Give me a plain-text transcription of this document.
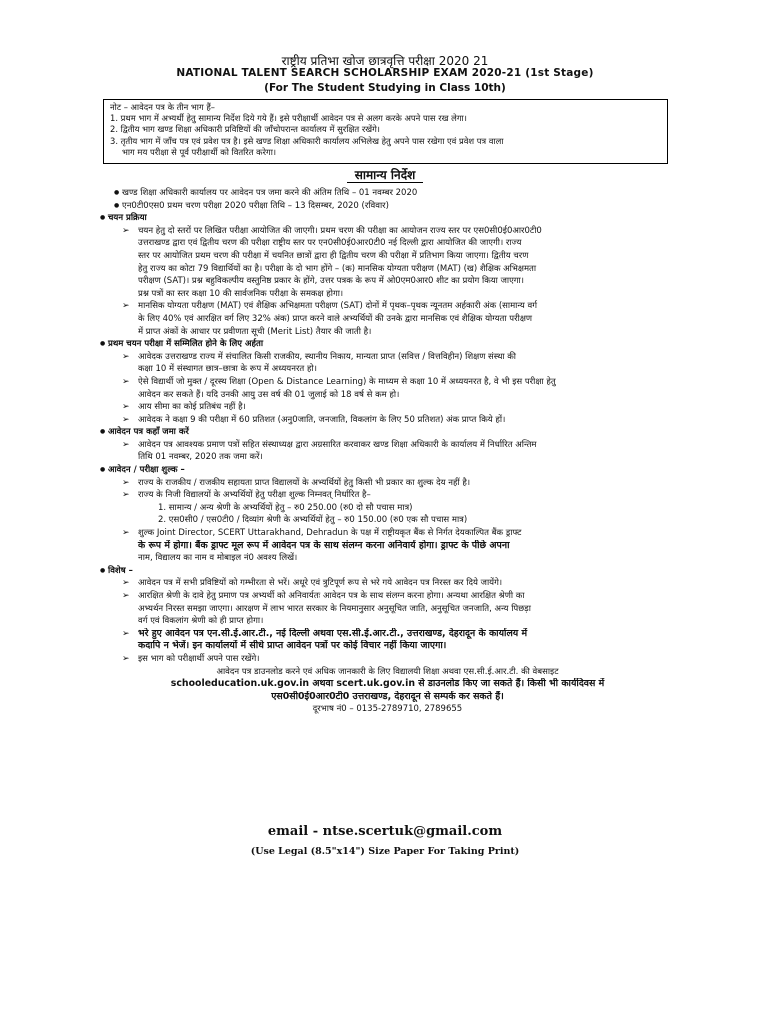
राष्ट्रीय प्रतिभा खोज छात्रवृत्ति परीक्षा 2020 21
NATIONAL TALENT SEARCH SCHOLARSHIP EXAM 2020-21 (1st Stage)
(For The Student Studying in Class 10th)
नोट – आवेदन पत्र के तीन भाग हैं–
1. प्रथम भाग में अभ्यर्थी हेतु सामान्य निर्देश दिये गये हैं। इसे परीक्षार्थी आवेदन पत्र से अलग करके अपने पास रख लेगा।
2. द्वितीय भाग खण्ड शिक्षा अधिकारी प्रविष्टियों की जाँचोपरान्त कार्यालय में सुरक्षित रखेंगे।
3. तृतीय भाग में जाँच पत्र एवं प्रवेश पत्र है। इसे खण्ड शिक्षा अधिकारी कार्यालय अभिलेख हेतु अपने पास रखेगा एवं प्रवेश पत्र वाला
भाग मय परीक्षा से पूर्व परीक्षार्थी को वितरित करेगा।
सामान्य निर्देश
● खण्ड शिक्षा अधिकारी कार्यालय पर आवेदन पत्र जमा करने की अंतिम तिथि – 01 नवम्बर 2020
● एन0टी0एस0 प्रथम चरण परीक्षा 2020 परीक्षा तिथि – 13 दिसम्बर, 2020 (रविवार)
● चयन प्रक्रिया
➢ चयन हेतु दो स्तरों पर लिखित परीक्षा आयोजित की जाएगी। प्रथम चरण की परीक्षा का आयोजन राज्य स्तर पर एस0सी0ई0आर0टी0
उत्तराखण्ड द्वारा एवं द्वितीय चरण की परीक्षा राष्ट्रीय स्तर पर एन0सी0ई0आर0टी0 नई दिल्ली द्वारा आयोजित की जाएगी। राज्य
स्तर पर आयोजित प्रथम चरण की परीक्षा में चयनित छात्रों द्वारा ही द्वितीय चरण की परीक्षा में प्रतिभाग किया जाएगा। द्वितीय चरण
हेतु राज्य का कोटा 79 विद्यार्थियों का है। परीक्षा के दो भाग होंगे – (क) मानसिक योग्यता परीक्षण (MAT) (ख) शैक्षिक अभिक्षमता
परीक्षण (SAT)। प्रश्न बहुविकल्पीय वस्तुनिष्ठ प्रकार के होंगे, उत्तर पत्रक के रूप में ओ0एम0आर0 शीट का प्रयोग किया जाएगा।
प्रश्न पत्रों का स्तर कक्षा 10 की सार्वजनिक परीक्षा के समकक्ष होगा।
➢ मानसिक योग्यता परीक्षण (MAT) एवं शैक्षिक अभिक्षमता परीक्षण (SAT) दोनों में पृथक–पृथक न्यूनतम अर्हकारी अंक (सामान्य वर्ग
के लिए 40% एवं आरक्षित वर्ग लिए 32% अंक) प्राप्त करने वाले अभ्यर्थियों की उनके द्वारा मानसिक एवं शैक्षिक योग्यता परीक्षण
में प्राप्त अंकों के आधार पर प्रवीणता सूची (Merit List) तैयार की जाती है।
● प्रथम चयन परीक्षा में सम्मिलित होने के लिए अर्हता
➢ आवेदक उत्तराखण्ड राज्य में संचालित किसी राजकीय, स्थानीय निकाय, मान्यता प्राप्त (सवित्त / वित्तविहीन) शिक्षण संस्था की
कक्षा 10 में संस्थागत छात्र–छात्रा के रूप में अध्ययनरत हो।
➢ ऐसे विद्यार्थी जो मुक्त / दूरस्थ शिक्षा (Open & Distance Learning) के माध्यम से कक्षा 10 में अध्ययनरत है, वे भी इस परीक्षा हेतु
आवेदन कर सकते हैं। यदि उनकी आयु उस वर्ष की 01 जुलाई को 18 वर्ष से कम हो।
➢ आय सीमा का कोई प्रतिबंध नहीं है।
➢ आवेदक ने कक्षा 9 की परीक्षा में 60 प्रतिशत (अनु0जाति, जनजाति, विकलांग के लिए 50 प्रतिशत) अंक प्राप्त किये हों।
● आवेदन पत्र कहाँ जमा करें
➢ आवेदन पत्र आवश्यक प्रमाण पत्रों सहित संस्थाध्यक्ष द्वारा अग्रसारित करवाकर खण्ड शिक्षा अधिकारी के कार्यालय में निर्धारित अन्तिम
तिथि 01 नवम्बर, 2020 तक जमा करें।
● आवेदन / परीक्षा शुल्क –
➢ राज्य के राजकीय / राजकीय सहायता प्राप्त विद्यालयों के अभ्यर्थियों हेतु किसी भी प्रकार का शुल्क देय नहीं है।
➢ राज्य के निजी विद्यालयों के अभ्यर्थियों हेतु परीक्षा शुल्क निम्नवत् निर्धारित है–
1. सामान्य / अन्य श्रेणी के अभ्यर्थियों हेतु – रु0 250.00 (रु0 दो सौ पचास मात्र)
2. एस0सी0 / एस0टी0 / दिव्यांग श्रेणी के अभ्यर्थियों हेतु – रु0 150.00 (रु0 एक सौ पचास मात्र)
➢ शुल्क Joint Director, SCERT Uttarakhand, Dehradun के पक्ष में राष्ट्रीयकृत बैंक से निर्गत देयकाल्पित बैंक ड्राफ्ट
के रूप में होगा। बैंक ड्राफ्ट मूल रूप में आवेदन पत्र के साथ संलग्न करना अनिवार्य होगा। ड्राफ्ट के पीछे अपना
नाम, विद्यालय का नाम व मोबाइल नं0 अवश्य लिखें।
● विशेष –
➢ आवेदन पत्र में सभी प्रविष्टियों को गम्भीरता से भरें। अधूरे एवं त्रुटिपूर्ण रूप से भरे गये आवेदन पत्र निरस्त कर दिये जायेंगे।
➢ आरक्षित श्रेणी के दावे हेतु प्रमाण पत्र अभ्यर्थी को अनिवार्यतः आवेदन पत्र के साथ संलग्न करना होगा। अन्यथा आरक्षित श्रेणी का
अभ्यर्थन निरस्त समझा जाएगा। आरक्षण में लाभ भारत सरकार के नियमानुसार अनुसूचित जाति, अनुसूचित जनजाति, अन्य पिछड़ा
वर्ग एवं विकलांग श्रेणी को ही प्राप्त होगा।
➢ भरे हुए आवेदन पत्र एन.सी.ई.आर.टी., नई दिल्ली अथवा एस.सी.ई.आर.टी., उत्तराखण्ड, देहरादून के कार्यालय में
कदापि न भेजें। इन कार्यालयों में सीधे प्राप्त आवेदन पत्रों पर कोई विचार नहीं किया जाएगा।
➢ इस भाग को परीक्षार्थी अपने पास रखेंगे।
आवेदन पत्र डाउनलोड करने एवं अधिक जानकारी के लिए विद्यालयी शिक्षा अथवा एस.सी.ई.आर.टी. की वेबसाइट
schooleducation.uk.gov.in अथवा scert.uk.gov.in से डाउनलोड किए जा सकते हैं। किसी भी कार्यदिवस में
एस0सी0ई0आर0टी0 उत्तराखण्ड, देहरादून से सम्पर्क कर सकते हैं।
दूरभाष नं0 – 0135-2789710, 2789655
email - ntse.scertuk@gmail.com
(Use Legal (8.5"x14") Size Paper For Taking Print)
